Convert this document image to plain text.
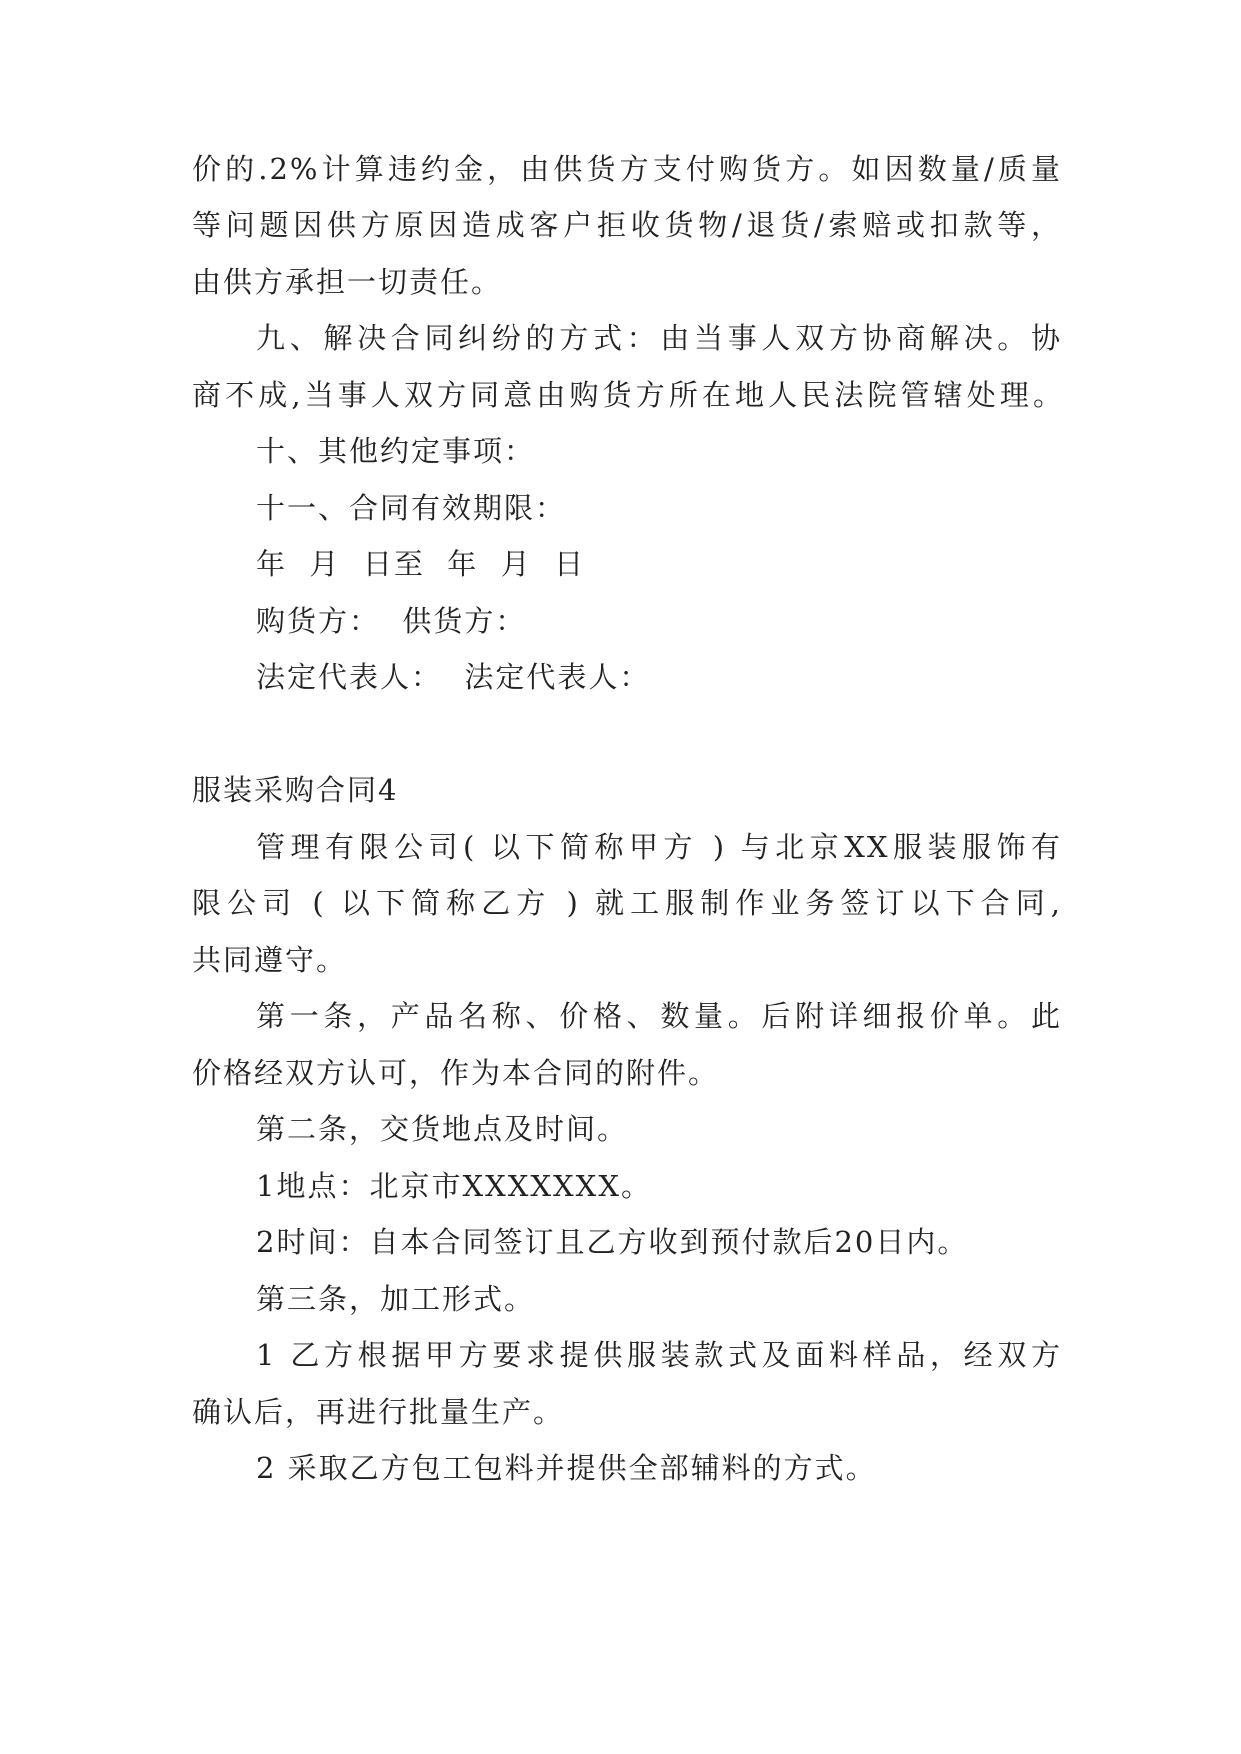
价的.2%计算违约金，由供货方支付购货方。如因数量/质量
等问题因供方原因造成客户拒收货物/退货/索赔或扣款等，
由供方承担一切责任。
九、解决合同纠纷的方式：由当事人双方协商解决。协
商不成,当事人双方同意由购货方所在地人民法院管辖处理。
十、其他约定事项：
十一、合同有效期限：
年  月  日至  年  月  日
购货方：  供货方：
法定代表人：  法定代表人：
服装采购合同4
管理有限公司( 以下简称甲方 ) 与北京XX服装服饰有
限公司 ( 以下简称乙方 ) 就工服制作业务签订以下合同,
共同遵守。
第一条，产品名称、价格、数量。后附详细报价单。此
价格经双方认可，作为本合同的附件。
第二条，交货地点及时间。
1地点：北京市XXXXXXX。
2时间：自本合同签订且乙方收到预付款后20日内。
第三条，加工形式。
1 乙方根据甲方要求提供服装款式及面料样品，经双方
确认后，再进行批量生产。
2 采取乙方包工包料并提供全部辅料的方式。
